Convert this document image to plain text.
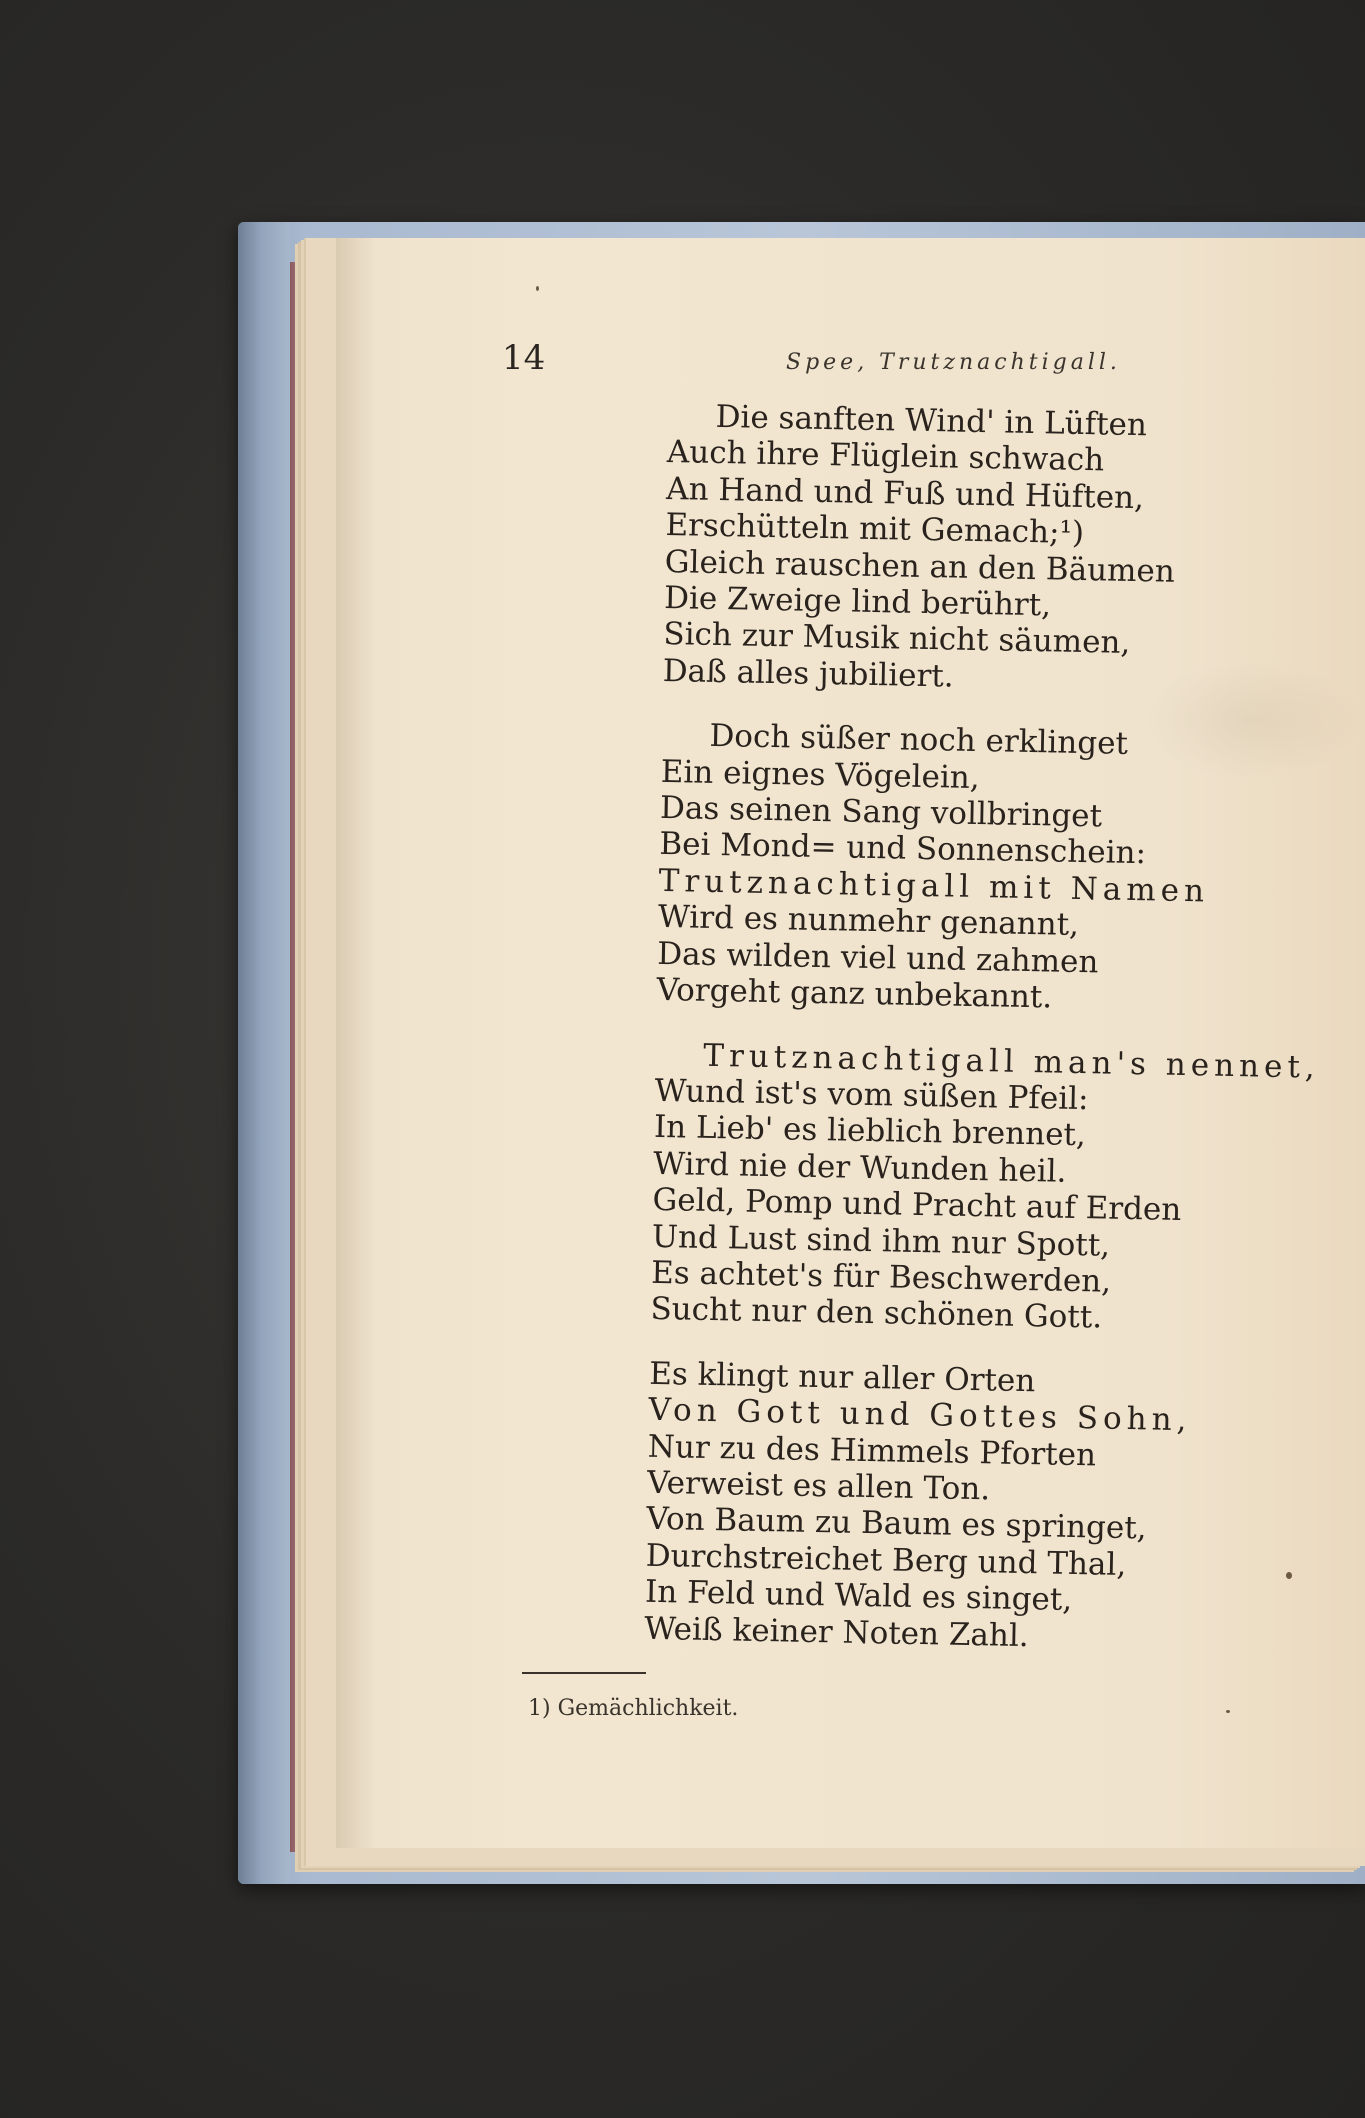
14	Spee, Trutznachtigall.
Die sanften Wind' in Lüften
Auch ihre Flüglein schwach
An Hand und Fuß und Hüften,
Erschütteln mit Gemach;¹)
Gleich rauschen an den Bäumen
Die Zweige lind berührt,
Sich zur Musik nicht säumen,
Daß alles jubiliert.
Doch süßer noch erklinget
Ein eignes Vögelein,
Das seinen Sang vollbringet
Bei Mond= und Sonnenschein:
Trutznachtigall mit Namen
Wird es nunmehr genannt,
Das wilden viel und zahmen
Vorgeht ganz unbekannt.
Trutznachtigall man's nennet,
Wund ist's vom süßen Pfeil:
In Lieb' es lieblich brennet,
Wird nie der Wunden heil.
Geld, Pomp und Pracht auf Erden
Und Lust sind ihm nur Spott,
Es achtet's für Beschwerden,
Sucht nur den schönen Gott.
Es klingt nur aller Orten
Von Gott und Gottes Sohn,
Nur zu des Himmels Pforten
Verweist es allen Ton.
Von Baum zu Baum es springet,
Durchstreichet Berg und Thal,
In Feld und Wald es singet,
Weiß keiner Noten Zahl.
1) Gemächlichkeit.
